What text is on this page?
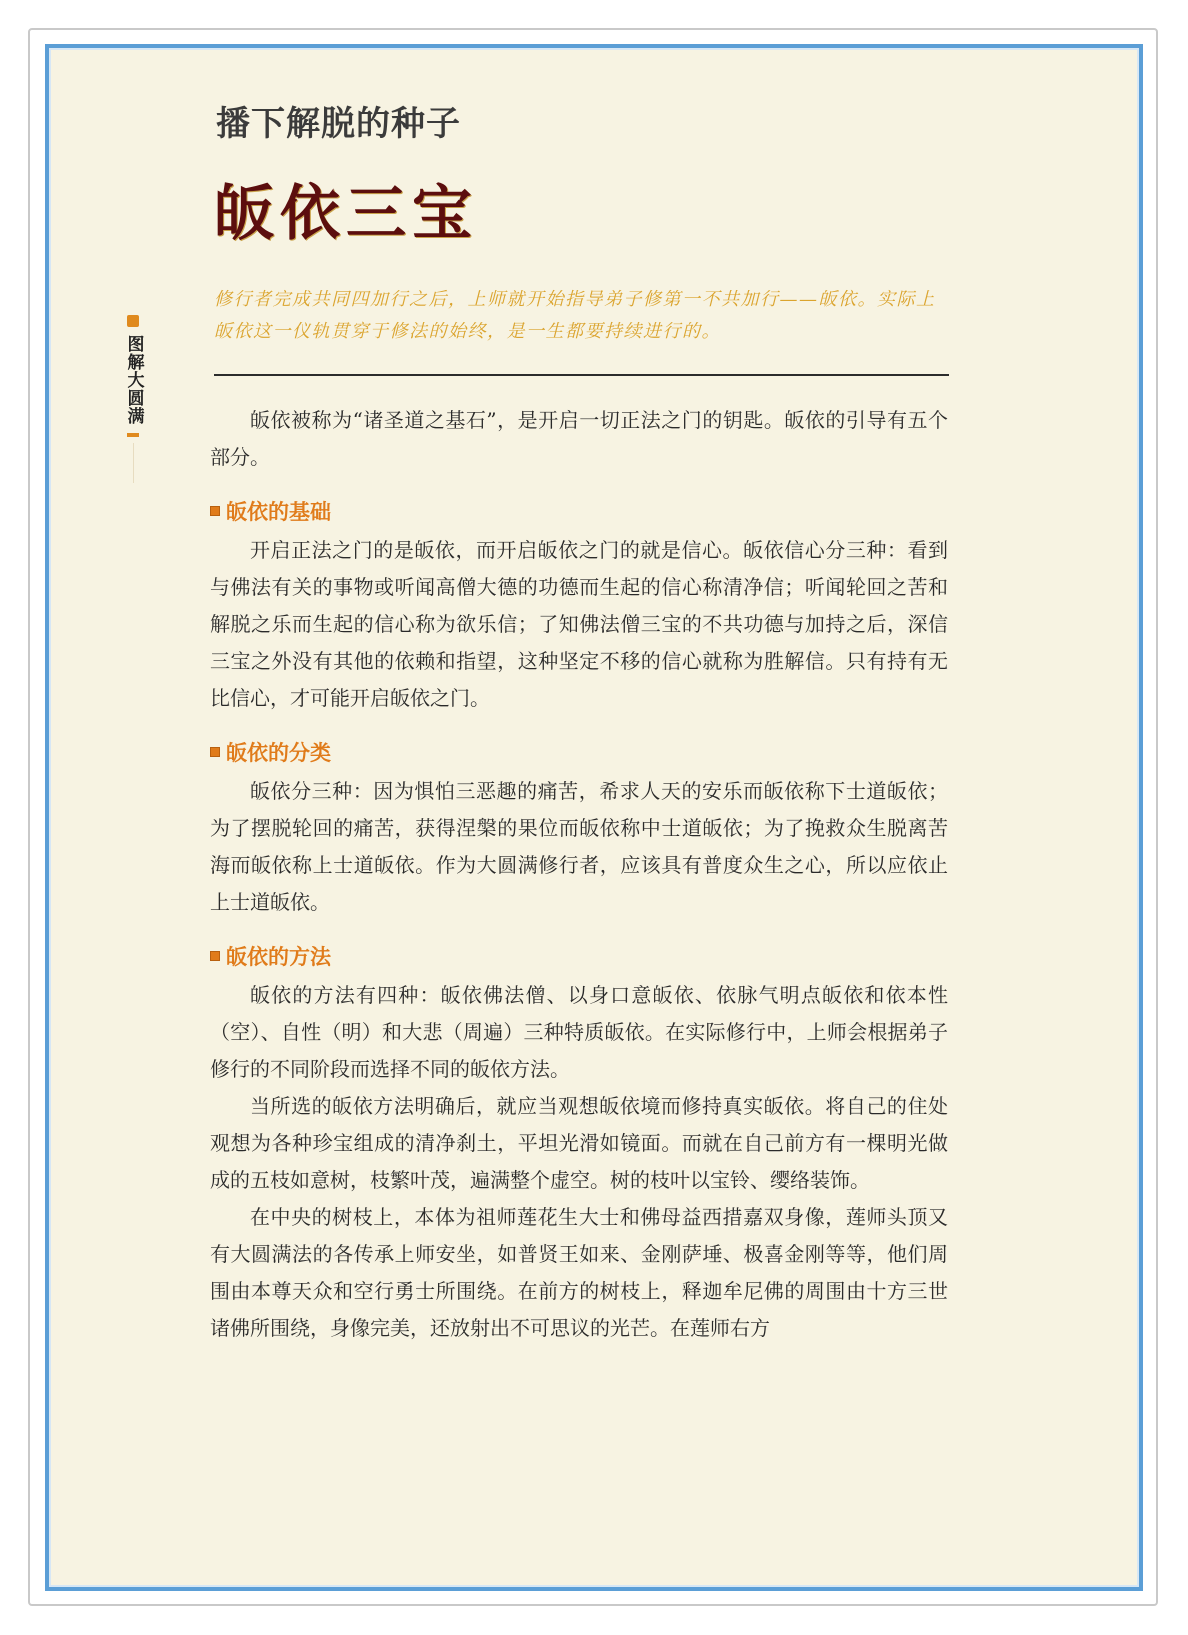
图解大圆满
播下解脱的种子
皈依三宝

修行者完成共同四加行之后，上师就开始指导弟子修第一不共加行——皈依。实际上皈依这一仪轨贯穿于修法的始终，是一生都要持续进行的。

皈依被称为“诸圣道之基石”，是开启一切正法之门的钥匙。皈依的引导有五个部分。

皈依的基础

开启正法之门的是皈依，而开启皈依之门的就是信心。皈依信心分三种：看到与佛法有关的事物或听闻高僧大德的功德而生起的信心称清净信；听闻轮回之苦和解脱之乐而生起的信心称为欲乐信；了知佛法僧三宝的不共功德与加持之后，深信三宝之外没有其他的依赖和指望，这种坚定不移的信心就称为胜解信。只有持有无比信心，才可能开启皈依之门。

皈依的分类

皈依分三种：因为惧怕三恶趣的痛苦，希求人天的安乐而皈依称下士道皈依；为了摆脱轮回的痛苦，获得涅槃的果位而皈依称中士道皈依；为了挽救众生脱离苦海而皈依称上士道皈依。作为大圆满修行者，应该具有普度众生之心，所以应依止上士道皈依。

皈依的方法

皈依的方法有四种：皈依佛法僧、以身口意皈依、依脉气明点皈依和依本性（空）、自性（明）和大悲（周遍）三种特质皈依。在实际修行中，上师会根据弟子修行的不同阶段而选择不同的皈依方法。

当所选的皈依方法明确后，就应当观想皈依境而修持真实皈依。将自己的住处观想为各种珍宝组成的清净刹土，平坦光滑如镜面。而就在自己前方有一棵明光做成的五枝如意树，枝繁叶茂，遍满整个虚空。树的枝叶以宝铃、缨络装饰。

在中央的树枝上，本体为祖师莲花生大士和佛母益西措嘉双身像，莲师头顶又有大圆满法的各传承上师安坐，如普贤王如来、金刚萨埵、极喜金刚等等，他们周围由本尊天众和空行勇士所围绕。在前方的树枝上，释迦牟尼佛的周围由十方三世诸佛所围绕，身像完美，还放射出不可思议的光芒。在莲师右方
